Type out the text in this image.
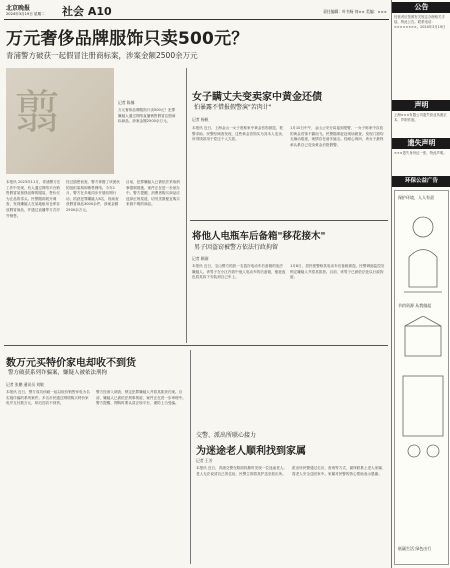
北京晚报
2024年3月19日 星期二 社会 A10	责任编辑：叶书杨 何×× 美编：×××
万元奢侈品牌服饰只卖500元？
青浦警方破获一起假冒注册商标案，涉案金额2500余万元
翦	记者 陈楠
万元奢侈品牌服饰只卖500元？犯罪嫌疑人通过网络直播销售假冒注册商标商品，涉案金额2500余万元。
本报讯 2023年11月，青浦警方在工作中发现，有人通过网络平台销售假冒某奢侈品牌的服装，售价仅为正品的零头。民警随即展开调查，发现嫌疑人在某地租用仓库存放假冒商品，并通过直播等方式对外销售。
经过缜密侦查，警方掌握了该团伙的组织架构和销售网络。今年1月，警方在多地同步开展收网行动，抓获犯罪嫌疑人8名，现场查获假冒商品3000余件，涉案金额2500余万元。
目前，犯罪嫌疑人已被依法采取刑事强制措施，案件正在进一步侦办中。警方提醒，消费者购买商品应选择正规渠道，切勿贪图便宜购买来源不明的商品。
女子瞒丈夫变卖家中黄金还债
怕暴露不惜报假警演"苦肉计"
记者 杨帆
本报讯 近日，上海金山一女子谎称家中黄金首饰被盗，报警求助。民警经调查发现，这些黄金首饰实为其本人变卖，所得钱款用于偿还个人欠款。
1月10日中午，金山公安分局接到报警，一女子称家中存放的黄金首饰不翼而飞。民警随即赶赴现场勘查，发现门窗均无撬动痕迹，案情存在诸多疑点。经耐心询问，该女子最终承认系自己变卖黄金后报假警。
将他人电瓶车后备箱"移花接木"
男子因盗窃被警方依法行政拘留
记者 顾刚
本报讯 近日，宝山警方抓获一名盗窃电动车后备箱的违法嫌疑人。该男子在小区内看中他人电动车的后备箱，便趁夜色将其拆下安装到自己车上。
1月8日，居民报警称其电动车后备箱被盗。民警调阅监控后锁定嫌疑人并将其抓获。目前，该男子已被依法处以行政拘留。
数万元买特价家电却收不到货
警方破获系列诈骗案，嫌疑人被依法刑拘
记者 张鹏 通讯员 刘敏
本报讯 近日，警方成功侦破一起以低价销售家电为名实施诈骗的系列案件。多名市民通过网络购买特价家电并支付数万元，却迟迟收不到货。
警方经深入调查，锁定犯罪嫌疑人并将其抓获归案。目前，嫌疑人已被依法刑事拘留，案件正在进一步审理中。警方提醒，网购时要认清正规平台，谨防上当受骗。
交警、派出所联心接力
为迷途老人顺利找到家属
记者 王芳
本报讯 近日，青浦交警在路面执勤时发现一位迷途老人。老人无法说清自己的住址，民警立即将其护送至派出所。
派出所民警通过走访、查询等方式，最终联系上老人家属，将老人安全送回家中。家属对民警的热心帮助表示感谢。
公告
经营者应按照有关规定办理相关手续，特此公告。联系电话：××××××××。2024年3月19日
声明
上海×××有限公司遗失营业执照正本，声明作废。
遗失声明
×××遗失身份证一张，特此声明。
环保公益广告
保护环境，人人有责
节约资源 从我做起
低碳生活 绿色出行
